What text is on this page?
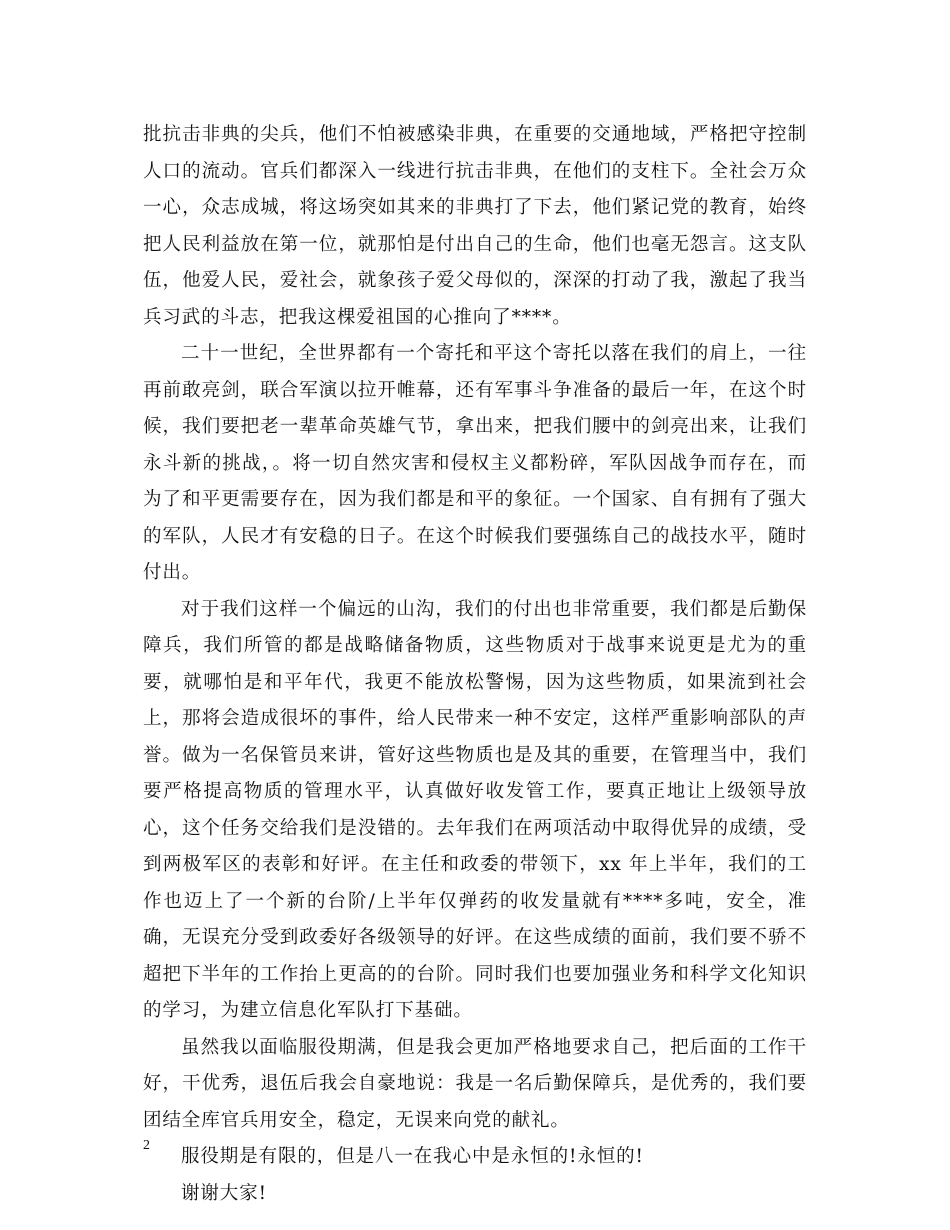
批抗击非典的尖兵，他们不怕被感染非典，在重要的交通地域，严格把守控制人口的流动。官兵们都深入一线进行抗击非典，在他们的支柱下。全社会万众一心，众志成城，将这场突如其来的非典打了下去，他们紧记党的教育，始终把人民利益放在第一位，就那怕是付出自己的生命，他们也毫无怨言。这支队伍，他爱人民，爱社会，就象孩子爱父母似的，深深的打动了我，激起了我当兵习武的斗志，把我这棵爱祖国的心推向了****。

二十一世纪，全世界都有一个寄托和平这个寄托以落在我们的肩上，一往再前敢亮剑，联合军演以拉开帷幕，还有军事斗争准备的最后一年，在这个时候，我们要把老一辈革命英雄气节，拿出来，把我们腰中的剑亮出来，让我们永斗新的挑战，。将一切自然灾害和侵权主义都粉碎，军队因战争而存在，而为了和平更需要存在，因为我们都是和平的象征。一个国家、自有拥有了强大的军队，人民才有安稳的日子。在这个时候我们要强练自己的战技水平，随时付出。

对于我们这样一个偏远的山沟，我们的付出也非常重要，我们都是后勤保障兵，我们所管的都是战略储备物质，这些物质对于战事来说更是尤为的重要，就哪怕是和平年代，我更不能放松警惕，因为这些物质，如果流到社会上，那将会造成很坏的事件，给人民带来一种不安定，这样严重影响部队的声誉。做为一名保管员来讲，管好这些物质也是及其的重要，在管理当中，我们要严格提高物质的管理水平，认真做好收发管工作，要真正地让上级领导放心，这个任务交给我们是没错的。去年我们在两项活动中取得优异的成绩，受到两极军区的表彰和好评。在主任和政委的带领下，xx 年上半年，我们的工作也迈上了一个新的台阶/上半年仅弹药的收发量就有****多吨，安全，准确，无误充分受到政委好各级领导的好评。在这些成绩的面前，我们要不骄不超把下半年的工作抬上更高的的台阶。同时我们也要加强业务和科学文化知识的学习，为建立信息化军队打下基础。

虽然我以面临服役期满，但是我会更加严格地要求自己，把后面的工作干好，干优秀，退伍后我会自豪地说：我是一名后勤保障兵，是优秀的，我们要团结全库官兵用安全，稳定，无误来向党的献礼。

服役期是有限的，但是八一在我心中是永恒的!永恒的!

谢谢大家!

2
